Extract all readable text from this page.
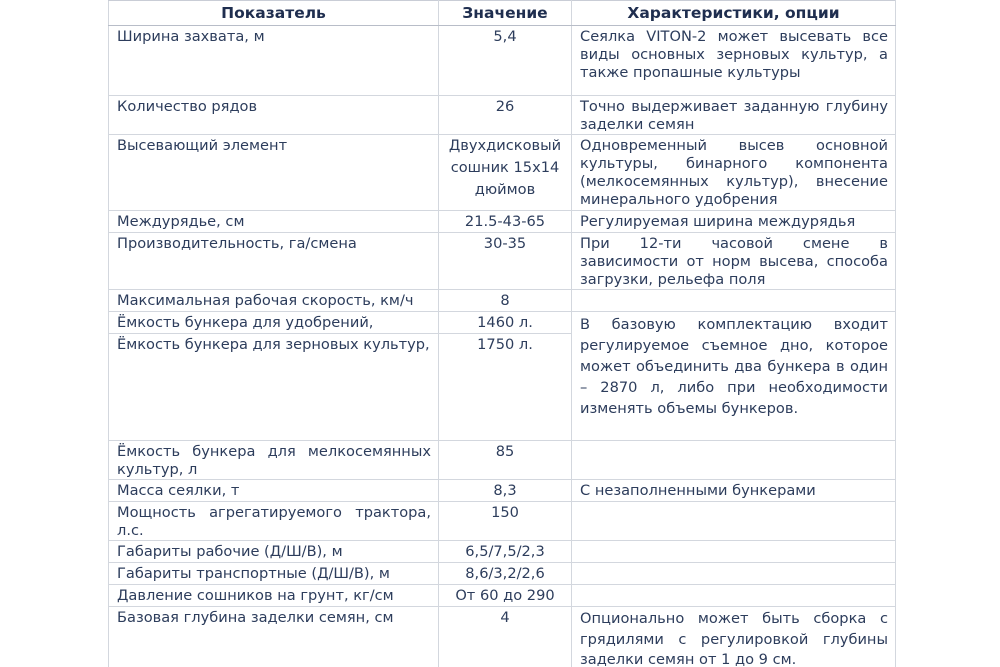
Показатель	Значение	Характеристики, опции
Ширина захвата, м	5,4	Сеялка VITON-2 может высевать все виды основных зерновых культур, а также пропашные культуры
Количество рядов	26	Точно выдерживает заданную глубину заделки семян
Высевающий элемент	Двухдисковый сошник 15х14 дюймов	Одновременный высев основной культуры, бинарного компонента (мелкосемянных культур), внесение минерального удобрения
Междурядье, см	21.5-43-65	Регулируемая ширина междурядья
Производительность, га/смена	30-35	При 12-ти часовой смене в зависимости от норм высева, способа загрузки, рельефа поля
Максимальная рабочая скорость, км/ч	8	
Ёмкость бункера для удобрений,	1460 л.	В базовую комплектацию входит регулируемое съемное дно, которое может объединить два бункера в один – 2870 л, либо при необходимости изменять объемы бункеров.
Ёмкость бункера для зерновых культур,	1750 л.	
Ёмкость бункера для мелкосемянных культур, л	85	
Масса сеялки, т	8,3	С незаполненными бункерами
Мощность агрегатируемого трактора, л.с.	150	
Габариты рабочие (Д/Ш/В), м	6,5/7,5/2,3	
Габариты транспортные (Д/Ш/В), м	8,6/3,2/2,6	
Давление сошников на грунт, кг/см	От 60 до 290	
Базовая глубина заделки семян, см	4	Опционально может быть сборка с грядилями с регулировкой глубины заделки семян от 1 до 9 см.
